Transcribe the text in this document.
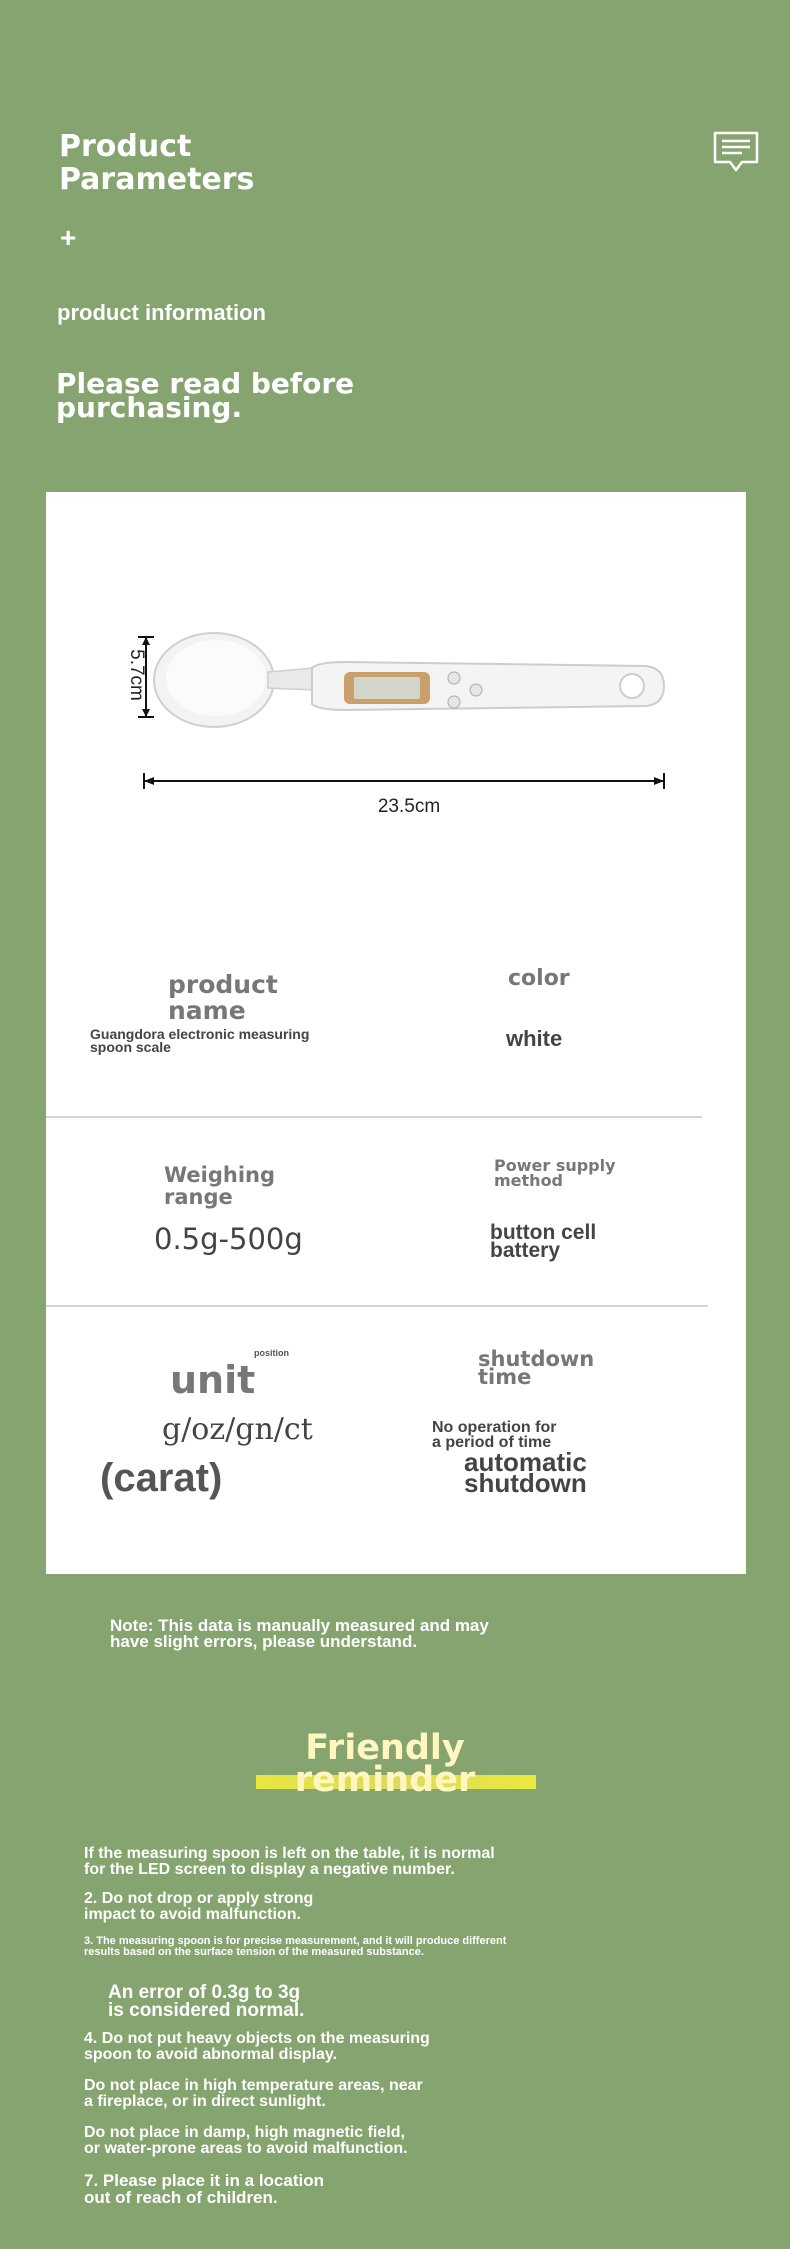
Product
Parameters
+
product information
Please read before
purchasing.
5.7cm
23.5cm
product
name
Guangdora electronic measuring
spoon scale
color
white
Weighing
range
0.5g-500g
Power supply
method
button cell
battery
position
unit
g/oz/gn/ct
(carat)
shutdown
time
No operation for
a period of time
automatic
shutdown
Note: This data is manually measured and may
have slight errors, please understand.
Friendly
reminder
If the measuring spoon is left on the table, it is normal
for the LED screen to display a negative number.
2. Do not drop or apply strong
impact to avoid malfunction.
3. The measuring spoon is for precise measurement, and it will produce different
results based on the surface tension of the measured substance.
An error of 0.3g to 3g
is considered normal.
4. Do not put heavy objects on the measuring
spoon to avoid abnormal display.
Do not place in high temperature areas, near
a fireplace, or in direct sunlight.
Do not place in damp, high magnetic field,
or water-prone areas to avoid malfunction.
7. Please place it in a location
out of reach of children.
